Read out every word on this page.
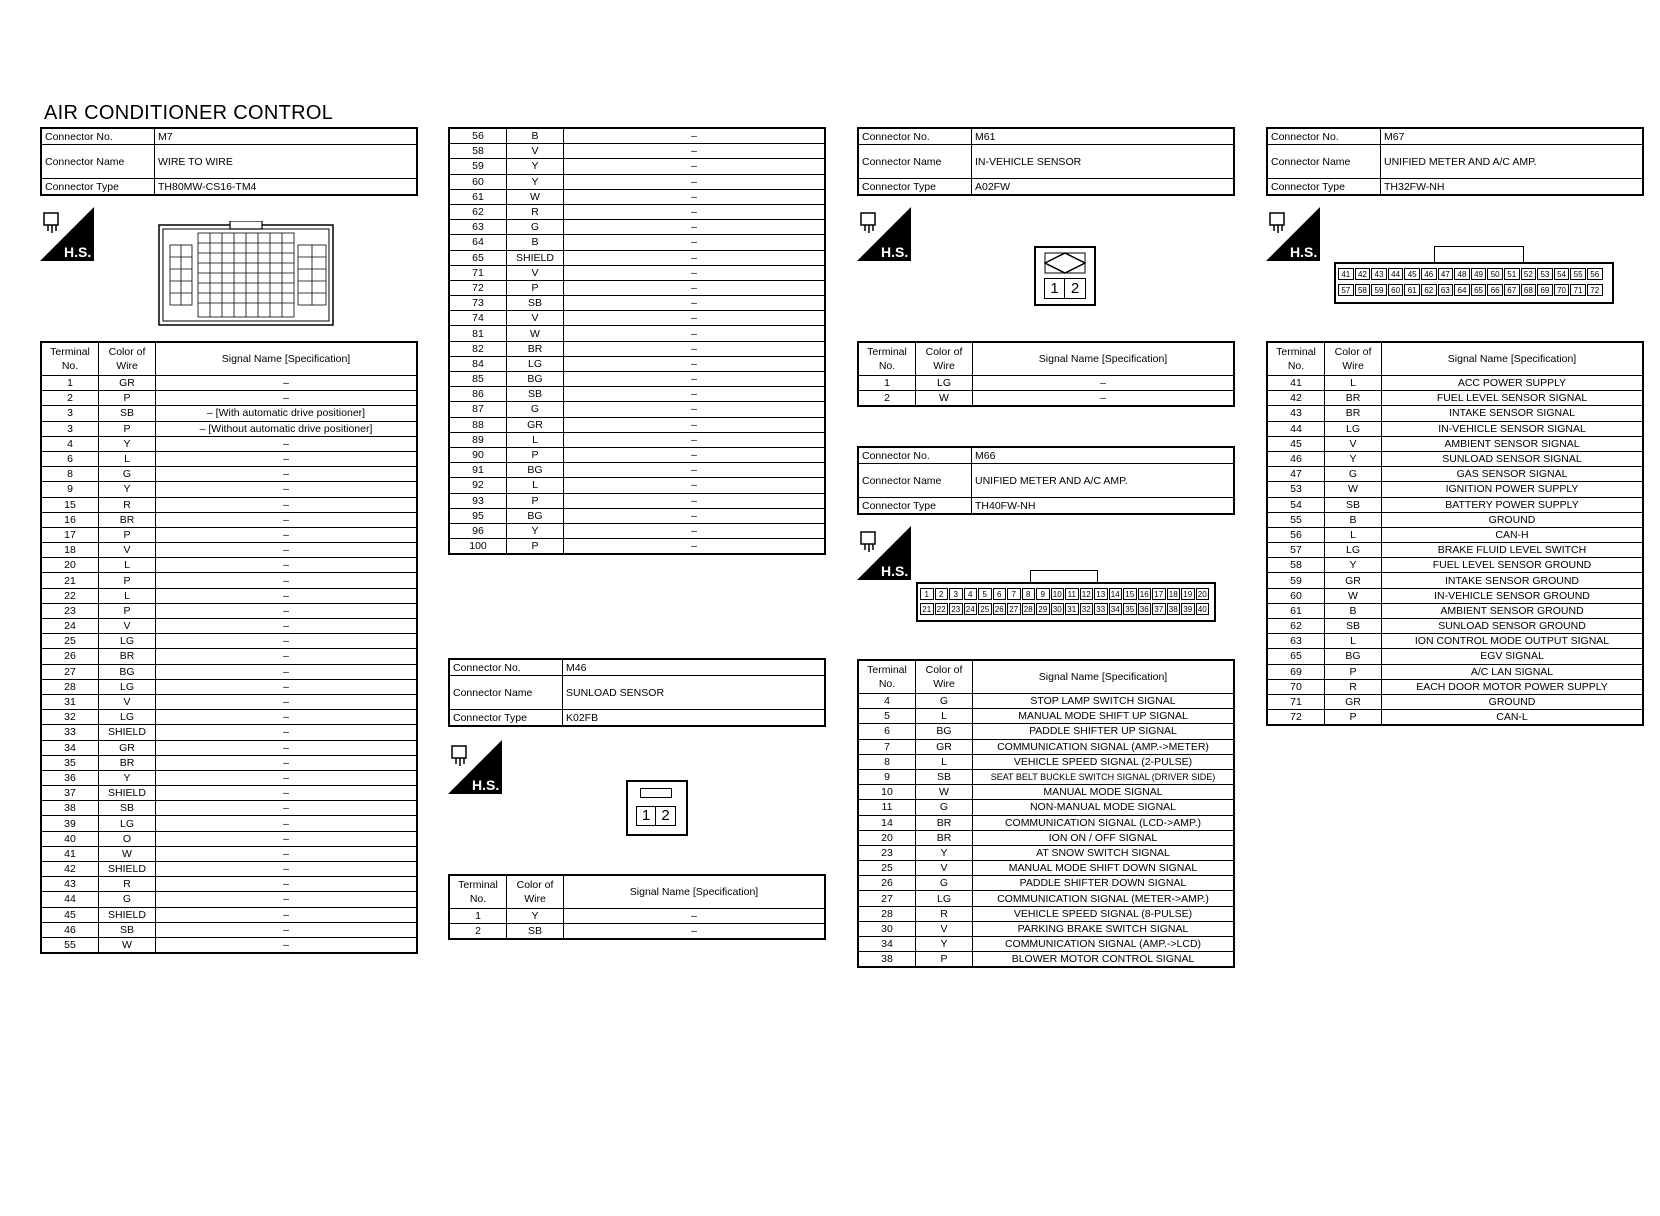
AIR CONDITIONER CONTROL
Connector No.	M7
Connector Name	WIRE TO WIRE
Connector Type	TH80MW-CS16-TM4
H.S.
Terminal No.	Color of Wire	Signal Name [Specification]
1	GR	–
2	P	–
3	SB	– [With automatic drive positioner]
3	P	– [Without automatic drive positioner]
4	Y	–
6	L	–
8	G	–
9	Y	–
15	R	–
16	BR	–
17	P	–
18	V	–
20	L	–
21	P	–
22	L	–
23	P	–
24	V	–
25	LG	–
26	BR	–
27	BG	–
28	LG	–
31	V	–
32	LG	–
33	SHIELD	–
34	GR	–
35	BR	–
36	Y	–
37	SHIELD	–
38	SB	–
39	LG	–
40	O	–
41	W	–
42	SHIELD	–
43	R	–
44	G	–
45	SHIELD	–
46	SB	–
55	W	–
56	B	–
58	V	–
59	Y	–
60	Y	–
61	W	–
62	R	–
63	G	–
64	B	–
65	SHIELD	–
71	V	–
72	P	–
73	SB	–
74	V	–
81	W	–
82	BR	–
84	LG	–
85	BG	–
86	SB	–
87	G	–
88	GR	–
89	L	–
90	P	–
91	BG	–
92	L	–
93	P	–
95	BG	–
96	Y	–
100	P	–
Connector No.	M46
Connector Name	SUNLOAD SENSOR
Connector Type	K02FB
H.S.
1 2
Terminal No.	Color of Wire	Signal Name [Specification]
1	Y	–
2	SB	–
Connector No.	M61
Connector Name	IN-VEHICLE SENSOR
Connector Type	A02FW
H.S.
1 2
Terminal No.	Color of Wire	Signal Name [Specification]
1	LG	–
2	W	–
Connector No.	M66
Connector Name	UNIFIED METER AND A/C AMP.
Connector Type	TH40FW-NH
H.S.
1	2	3	4	5	6	7	8	9 10 11 12 13 14 15 16 17 18 19 20
21 22 23 24 25 26 27 28 29 30 31 32 33 34 35 36 37 38 39 40
Terminal No.	Color of Wire	Signal Name [Specification]
4	G	STOP LAMP SWITCH SIGNAL
5	L	MANUAL MODE SHIFT UP SIGNAL
6	BG	PADDLE SHIFTER UP SIGNAL
7	GR	COMMUNICATION SIGNAL (AMP.->METER)
8	L	VEHICLE SPEED SIGNAL (2-PULSE)
9	SB	SEAT BELT BUCKLE SWITCH SIGNAL (DRIVER SIDE)
10	W	MANUAL MODE SIGNAL
11	G	NON-MANUAL MODE SIGNAL
14	BR	COMMUNICATION SIGNAL (LCD->AMP.)
20	BR	ION ON / OFF SIGNAL
23	Y	AT SNOW SWITCH SIGNAL
25	V	MANUAL MODE SHIFT DOWN SIGNAL
26	G	PADDLE SHIFTER DOWN SIGNAL
27	LG	COMMUNICATION SIGNAL (METER->AMP.)
28	R	VEHICLE SPEED SIGNAL (8-PULSE)
30	V	PARKING BRAKE SWITCH SIGNAL
34	Y	COMMUNICATION SIGNAL (AMP.->LCD)
38	P	BLOWER MOTOR CONTROL SIGNAL
Connector No.	M67
Connector Name	UNIFIED METER AND A/C AMP.
Connector Type	TH32FW-NH
H.S.
41 42 43 44 45 46 47 48 49 50 51 52 53 54 55 56
57 58 59 60 61 62 63 64 65 66 67 68 69 70 71 72
Terminal No.	Color of Wire	Signal Name [Specification]
41	L	ACC POWER SUPPLY
42	BR	FUEL LEVEL SENSOR SIGNAL
43	BR	INTAKE SENSOR SIGNAL
44	LG	IN-VEHICLE SENSOR SIGNAL
45	V	AMBIENT SENSOR SIGNAL
46	Y	SUNLOAD SENSOR SIGNAL
47	G	GAS SENSOR SIGNAL
53	W	IGNITION POWER SUPPLY
54	SB	BATTERY POWER SUPPLY
55	B	GROUND
56	L	CAN-H
57	LG	BRAKE FLUID LEVEL SWITCH
58	Y	FUEL LEVEL SENSOR GROUND
59	GR	INTAKE SENSOR GROUND
60	W	IN-VEHICLE SENSOR GROUND
61	B	AMBIENT SENSOR GROUND
62	SB	SUNLOAD SENSOR GROUND
63	L	ION CONTROL MODE OUTPUT SIGNAL
65	BG	EGV SIGNAL
69	P	A/C LAN SIGNAL
70	R	EACH DOOR MOTOR POWER SUPPLY
71	GR	GROUND
72	P	CAN-L
